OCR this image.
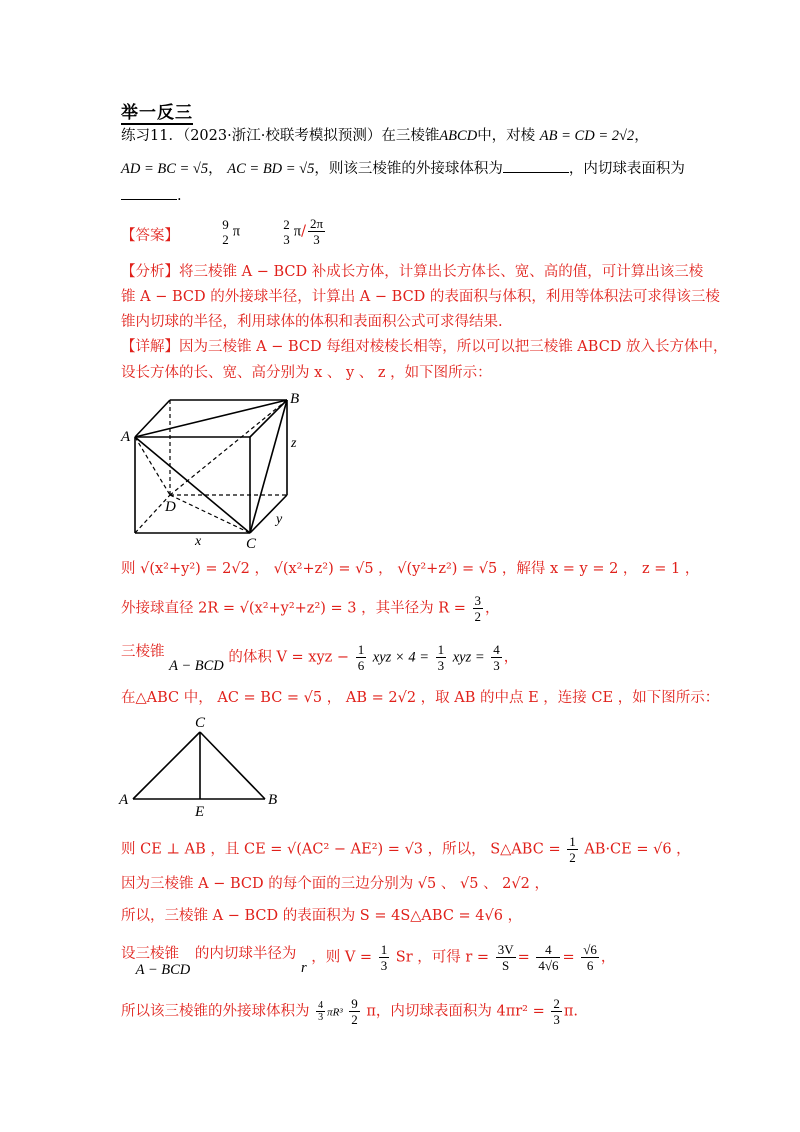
举一反三
练习11．（2023·浙江·校联考模拟预测）在三棱锥ABCD中，对棱 AB = CD = 2√2，
AD = BC = √5， AC = BD = √5，则该三棱锥的外接球体积为	，内切球表面积为
.
【答案】
9
2 π	2
3 $\pi/ \frac{2\pi}{3}$
【分析】将三棱锥 A − BCD 补成长方体，计算出长方体长、宽、高的值，可计算出该三棱
锥 A − BCD 的外接球半径，计算出 A − BCD 的表面积与体积，利用等体积法可求得该三棱
锥内切球的半径，利用球体的体积和表面积公式可求得结果.
【详解】因为三棱锥 A − BCD 每组对棱棱长相等，所以可以把三棱锥 ABCD 放入长方体中，
设长方体的长、宽、高分别为 x 、 y 、 z ，如下图所示：
A
B
C
D
x
y
z
则 √(x²+y²) = 2√2 ， √(x²+z²) = √5 ， √(y²+z²) = √5 ，解得 x = y = 2 ， z = 1 ，
外接球直径 2R = √(x²+y²+z²) = 3 ，其半径为 $R = \frac{3}{2}$ ，
三棱锥 A − BCD 的体积 V = xyz − $\frac{1}{6}$ xyz × $4 = \frac{1}{3}$ xyz = $\frac{4}{3}$ ，
在△ABC 中， AC = BC = √5 ， AB = 2√2 ，取 AB 的中点 E ，连接 CE ，如下图所示：
C
A	B
E
则 CE ⊥ AB ，且 CE = √(AC² − AE²) = √3 ，所以， S△ABC = $\frac{1}{2} AB\cdot CE = √6$ ，
因为三棱锥 A − BCD 的每个面的三边分别为 √5 、 √5 、 2√2 ，
所以，三棱锥 A − BCD 的表面积为 S = 4S△ABC = 4√6 ，
设三棱锥 A − BCD 的内切球半径为 r ，则 $V = \frac{1}{3}$ Sr ，可得 $r = \frac{3V}{S} = \frac{4}{4√6} = \frac{√6}{6}$ ，
所以该三棱锥的外接球体积为 $\frac{4}{3} \pi R^3 \frac{9}{2}$ π，内切球表面积为 $4\pi r^2 = \frac{2}{3} \pi$.
